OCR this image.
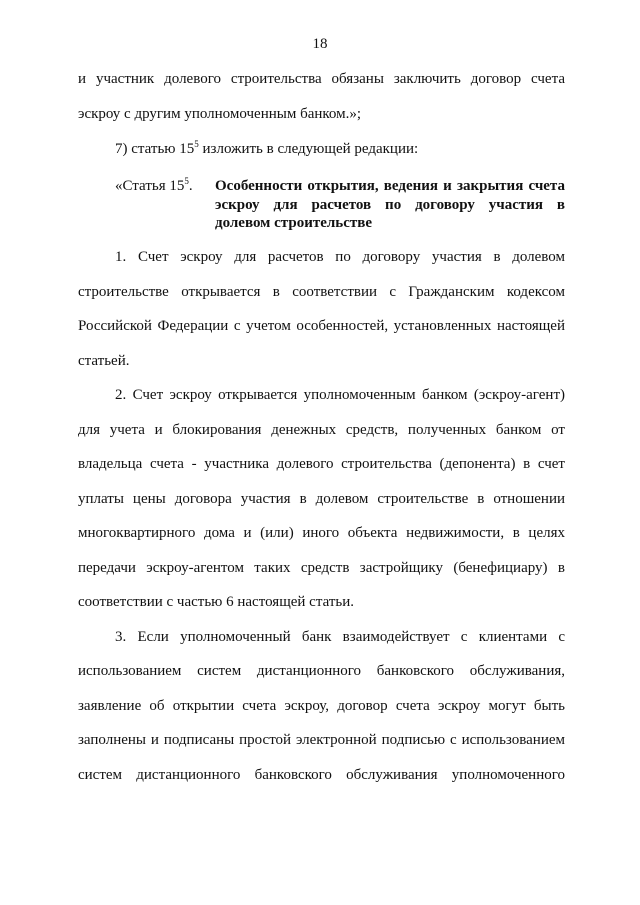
18
и участник долевого строительства обязаны заключить договор счета
эскроу с другим уполномоченным банком.»;
7) статью $15^5$ изложить в следующей редакции:
«Статья $15^5$. Особенности открытия, ведения и закрытия счета
эскроу для расчетов по договору участия в
долевом строительстве
1. Счет эскроу для расчетов по договору участия в долевом
строительстве открывается в соответствии с Гражданским кодексом
Российской Федерации с учетом особенностей, установленных настоящей
статьей.
2. Счет эскроу открывается уполномоченным банком (эскроу-агент)
для учета и блокирования денежных средств, полученных банком от
владельца счета - участника долевого строительства (депонента) в счет
уплаты цены договора участия в долевом строительстве в отношении
многоквартирного дома и (или) иного объекта недвижимости, в целях
передачи эскроу-агентом таких средств застройщику (бенефициару) в
соответствии с частью 6 настоящей статьи.
3. Если уполномоченный банк взаимодействует с клиентами с
использованием систем дистанционного банковского обслуживания,
заявление об открытии счета эскроу, договор счета эскроу могут быть
заполнены и подписаны простой электронной подписью с использованием
систем дистанционного банковского обслуживания уполномоченного
